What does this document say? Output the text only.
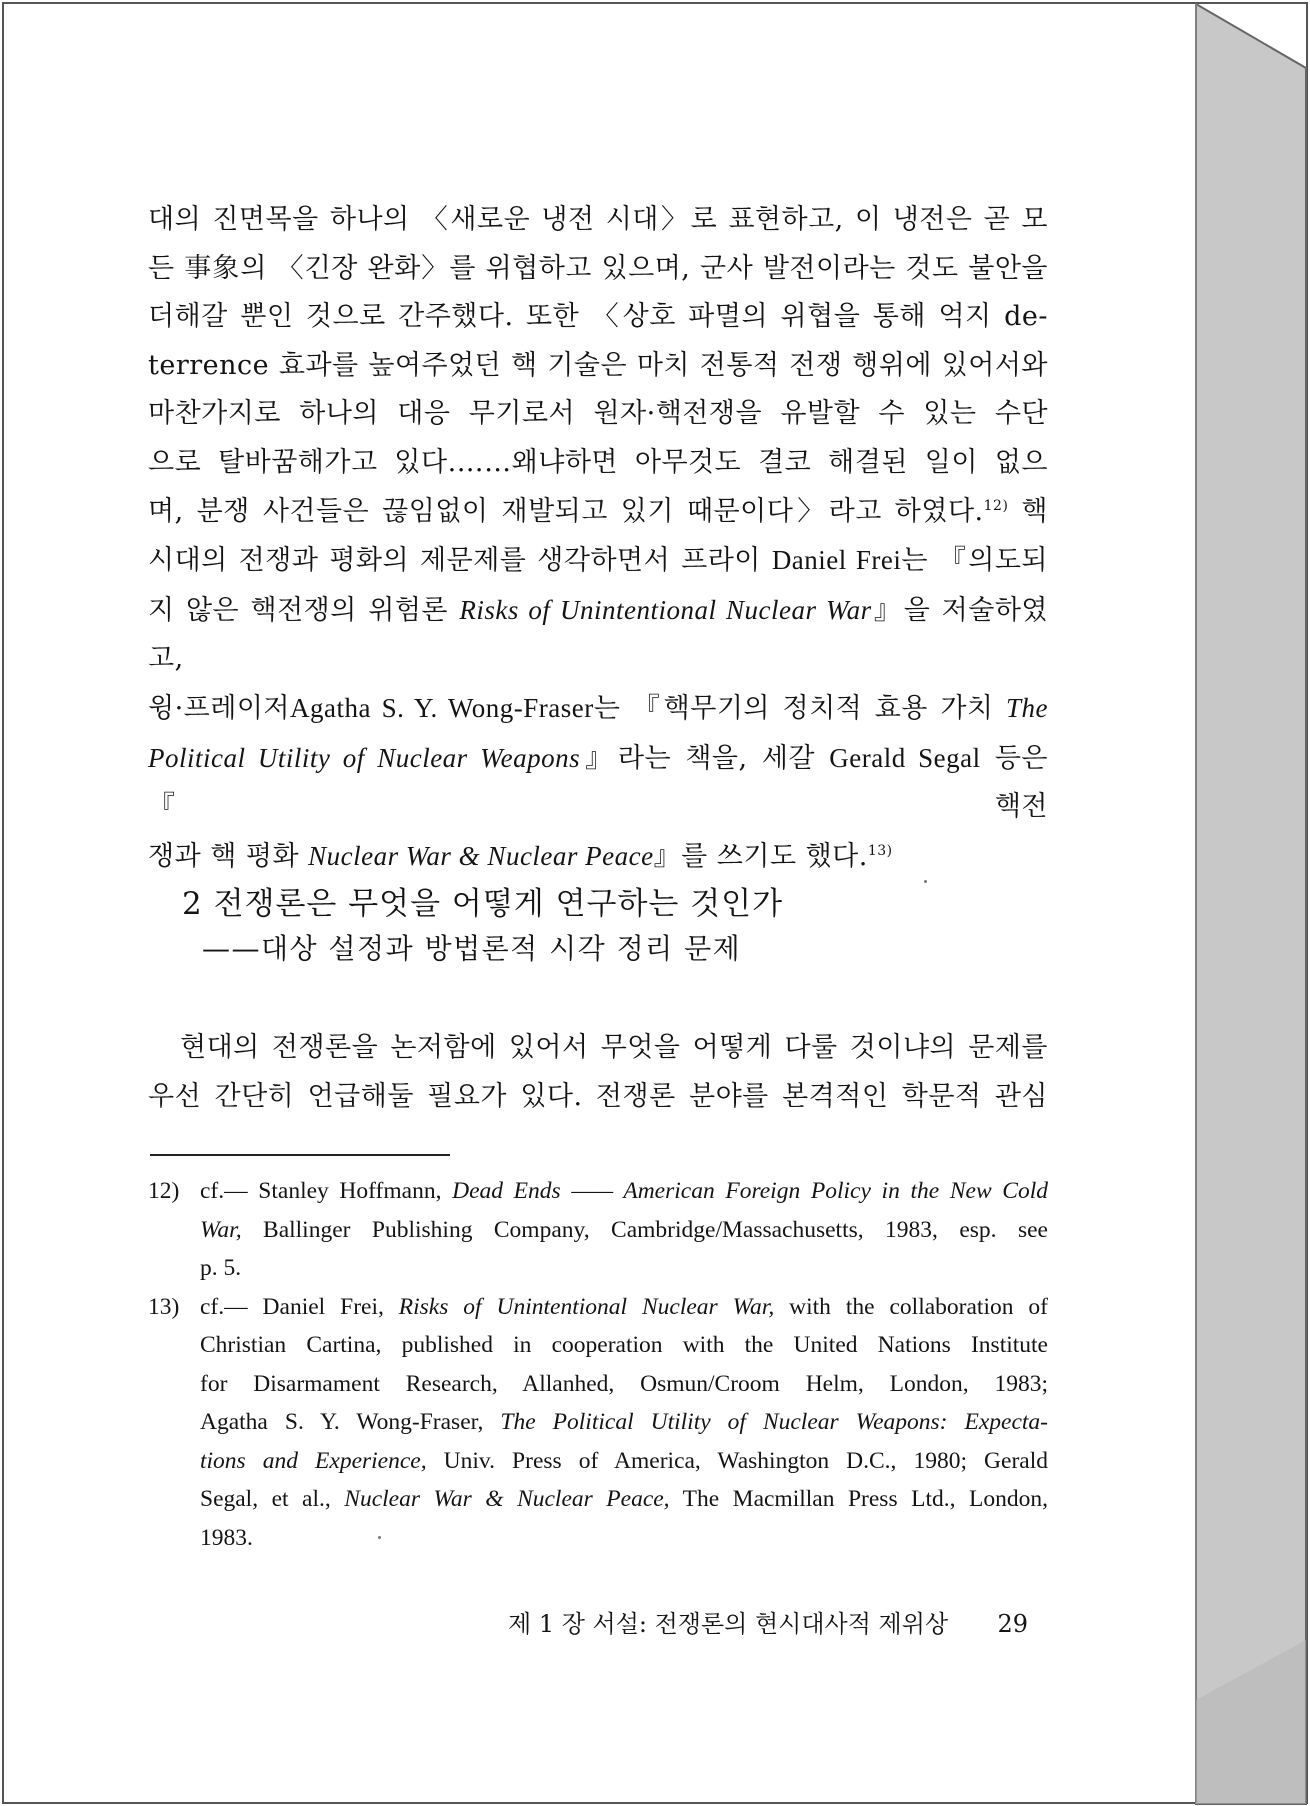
대의 진면목을 하나의 〈새로운 냉전 시대〉로 표현하고, 이 냉전은 곧 모
든 事象의 〈긴장 완화〉를 위협하고 있으며, 군사 발전이라는 것도 불안을
더해갈 뿐인 것으로 간주했다. 또한 〈상호 파멸의 위협을 통해 억지 de-
terrence 효과를 높여주었던 핵 기술은 마치 전통적 전쟁 행위에 있어서와
마찬가지로 하나의 대응 무기로서 원자·핵전쟁을 유발할 수 있는 수단
으로 탈바꿈해가고 있다.……왜냐하면 아무것도 결코 해결된 일이 없으
며, 분쟁 사건들은 끊임없이 재발되고 있기 때문이다〉라고 하였다.$^{12)}$ 핵
시대의 전쟁과 평화의 제문제를 생각하면서 프라이 Daniel Frei는 『의도되
지 않은 핵전쟁의 위험론 Risks of Unintentional Nuclear War』을 저술하였고,
윙·프레이저Agatha S. Y. Wong-Fraser는 『핵무기의 정치적 효용 가치 The
Political Utility of Nuclear Weapons』라는 책을, 세갈 Gerald Segal 등은 『핵전
쟁과 핵 평화 Nuclear War & Nuclear Peace』를 쓰기도 했다.$^{13)}$

2 전쟁론은 무엇을 어떻게 연구하는 것인가

——대상 설정과 방법론적 시각 정리 문제

현대의 전쟁론을 논저함에 있어서 무엇을 어떻게 다룰 것이냐의 문제를
우선 간단히 언급해둘 필요가 있다. 전쟁론 분야를 본격적인 학문적 관심

12) cf.— Stanley Hoffmann, Dead Ends —— American Foreign Policy in the New Cold
War, Ballinger Publishing Company, Cambridge/Massachusetts, 1983, esp. see
p. 5.
13) cf.— Daniel Frei, Risks of Unintentional Nuclear War, with the collaboration of
Christian Cartina, published in cooperation with the United Nations Institute
for Disarmament Research, Allanhed, Osmun/Croom Helm, London, 1983;
Agatha S. Y. Wong-Fraser, The Political Utility of Nuclear Weapons: Expecta-
tions and Experience, Univ. Press of America, Washington D.C., 1980; Gerald
Segal, et al., Nuclear War & Nuclear Peace, The Macmillan Press Ltd., London,
1983.
제 1 장 서설: 전쟁론의 현시대사적 제위상 29
